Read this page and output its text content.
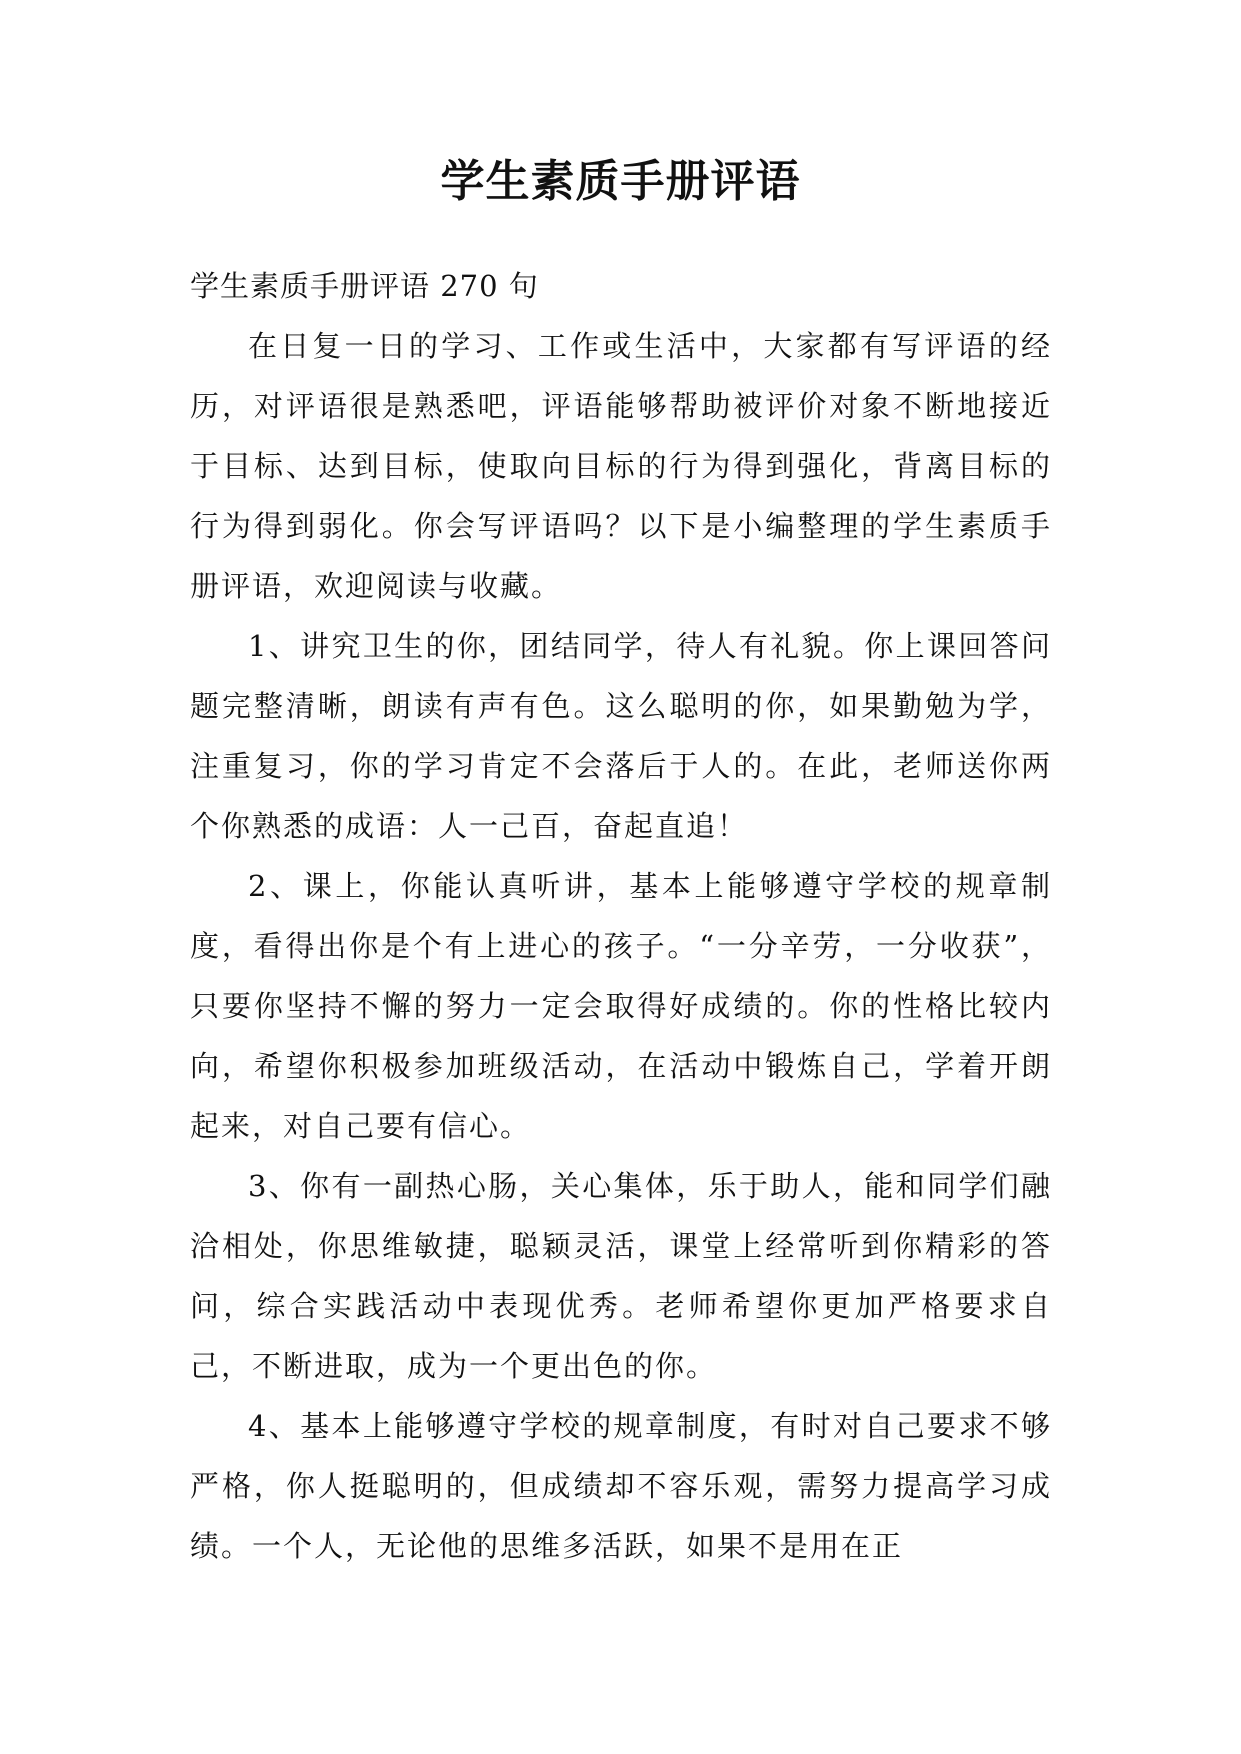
学生素质手册评语

学生素质手册评语 270 句

在日复一日的学习、工作或生活中，大家都有写评语的经历，对评语很是熟悉吧，评语能够帮助被评价对象不断地接近于目标、达到目标，使取向目标的行为得到强化，背离目标的行为得到弱化。你会写评语吗？以下是小编整理的学生素质手册评语，欢迎阅读与收藏。

1、讲究卫生的你，团结同学，待人有礼貌。你上课回答问题完整清晰，朗读有声有色。这么聪明的你，如果勤勉为学，注重复习，你的学习肯定不会落后于人的。在此，老师送你两个你熟悉的成语：人一己百，奋起直追！

2、课上，你能认真听讲，基本上能够遵守学校的规章制度，看得出你是个有上进心的孩子。“一分辛劳，一分收获”，只要你坚持不懈的努力一定会取得好成绩的。你的性格比较内向，希望你积极参加班级活动，在活动中锻炼自己，学着开朗起来，对自己要有信心。

3、你有一副热心肠，关心集体，乐于助人，能和同学们融洽相处，你思维敏捷，聪颖灵活，课堂上经常听到你精彩的答问，综合实践活动中表现优秀。老师希望你更加严格要求自己，不断进取，成为一个更出色的你。

4、基本上能够遵守学校的规章制度，有时对自己要求不够严格，你人挺聪明的，但成绩却不容乐观，需努力提高学习成绩。一个人，无论他的思维多活跃，如果不是用在正
